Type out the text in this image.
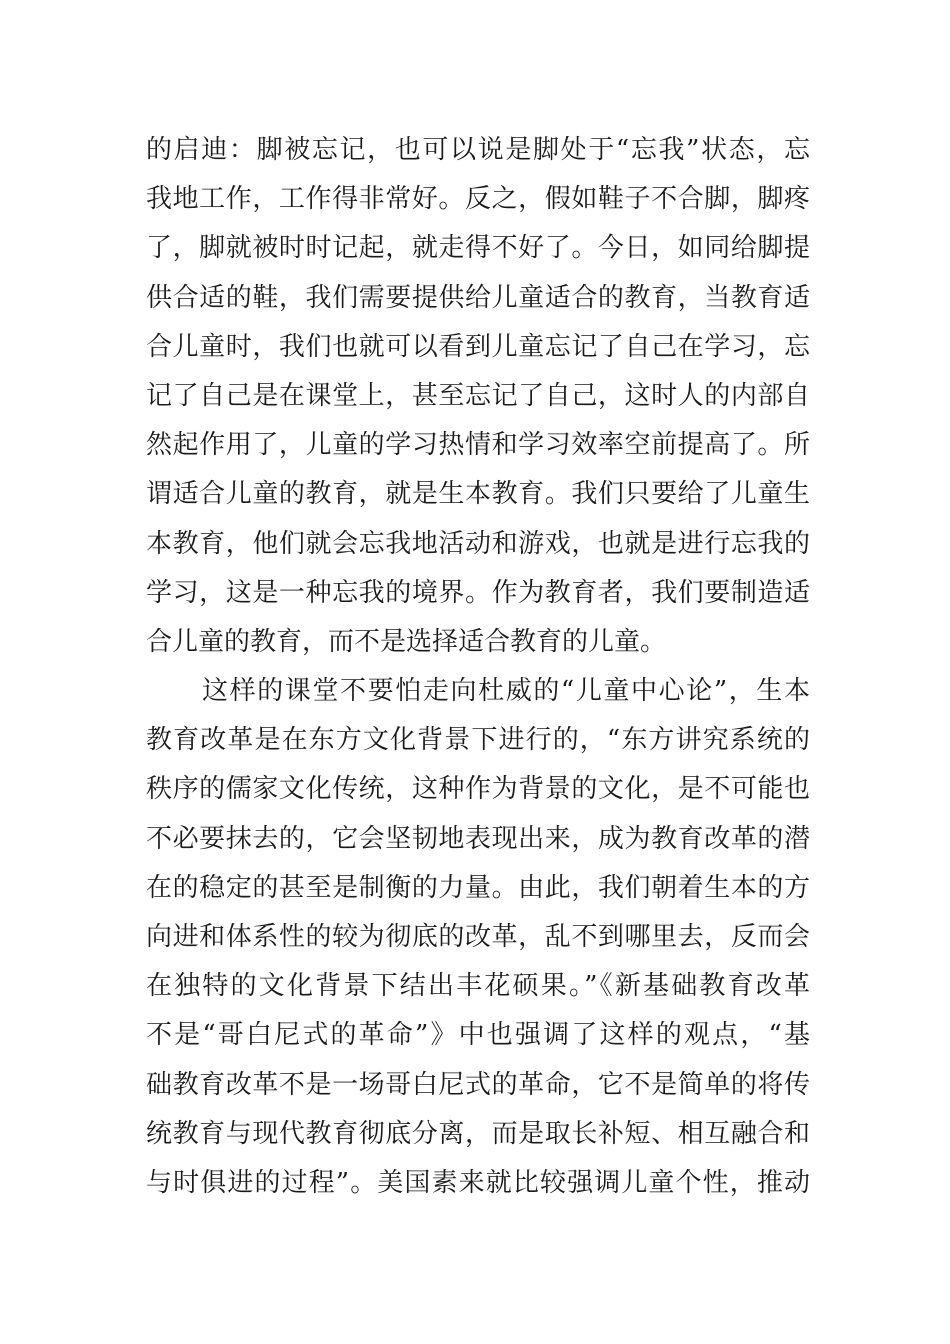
的启迪：脚被忘记，也可以说是脚处于“忘我”状态，忘
我地工作，工作得非常好。反之，假如鞋子不合脚，脚疼
了，脚就被时时记起，就走得不好了。今日，如同给脚提
供合适的鞋，我们需要提供给儿童适合的教育，当教育适
合儿童时，我们也就可以看到儿童忘记了自己在学习，忘
记了自己是在课堂上，甚至忘记了自己，这时人的内部自
然起作用了，儿童的学习热情和学习效率空前提高了。所
谓适合儿童的教育，就是生本教育。我们只要给了儿童生
本教育，他们就会忘我地活动和游戏，也就是进行忘我的
学习，这是一种忘我的境界。作为教育者，我们要制造适
合儿童的教育，而不是选择适合教育的儿童。
这样的课堂不要怕走向杜威的“儿童中心论”，生本
教育改革是在东方文化背景下进行的，“东方讲究系统的
秩序的儒家文化传统，这种作为背景的文化，是不可能也
不必要抹去的，它会坚韧地表现出来，成为教育改革的潜
在的稳定的甚至是制衡的力量。由此，我们朝着生本的方
向进和体系性的较为彻底的改革，乱不到哪里去，反而会
在独特的文化背景下结出丰花硕果。”《新基础教育改革
不是“哥白尼式的革命”》中也强调了这样的观点，“基
础教育改革不是一场哥白尼式的革命，它不是简单的将传
统教育与现代教育彻底分离，而是取长补短、相互融合和
与时俱进的过程”。美国素来就比较强调儿童个性，推动
